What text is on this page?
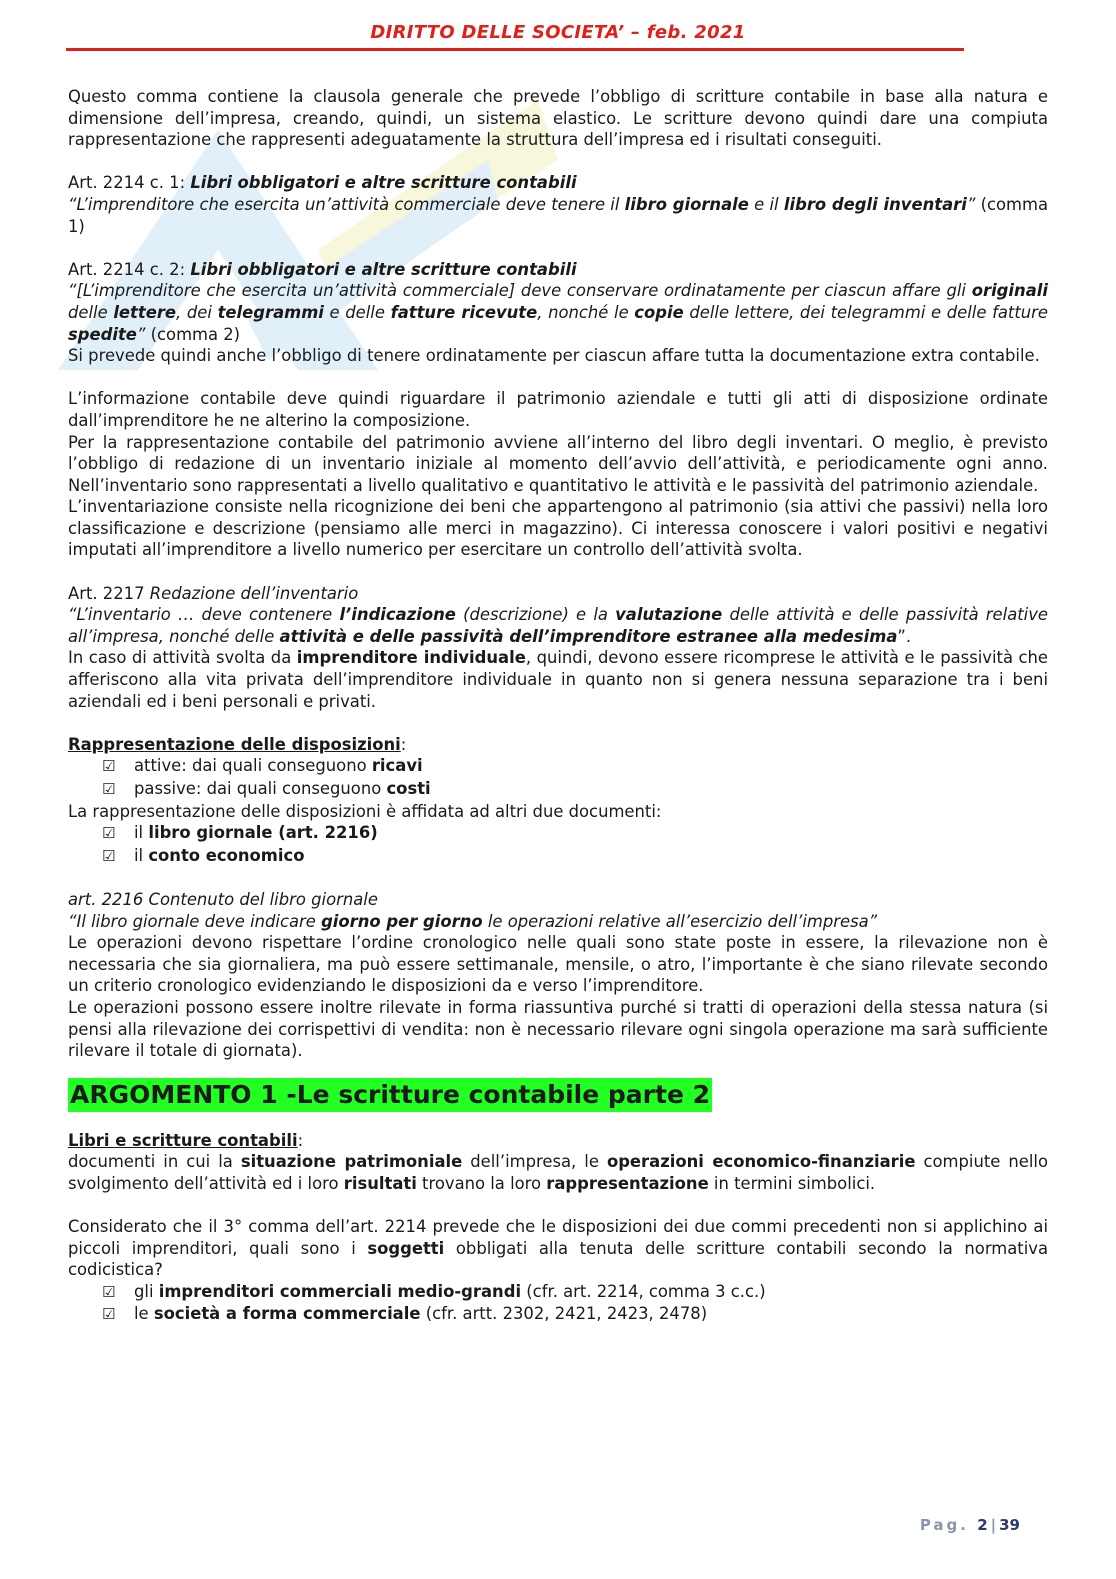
DIRITTO DELLE SOCIETA’ – feb. 2021

Questo comma contiene la clausola generale che prevede l’obbligo di scritture contabile in base alla natura e dimensione dell’impresa, creando, quindi, un sistema elastico. Le scritture devono quindi dare una compiuta rappresentazione che rappresenti adeguatamente la struttura dell’impresa ed i risultati conseguiti.

Art. 2214 c. 1: Libri obbligatori e altre scritture contabili

“L’imprenditore che esercita un’attività commerciale deve tenere il libro giornale e il libro degli inventari” (comma 1)

Art. 2214 c. 2: Libri obbligatori e altre scritture contabili

“[L’imprenditore che esercita un’attività commerciale] deve conservare ordinatamente per ciascun affare gli originali delle lettere, dei telegrammi e delle fatture ricevute, nonché le copie delle lettere, dei telegrammi e delle fatture spedite” (comma 2)

Si prevede quindi anche l’obbligo di tenere ordinatamente per ciascun affare tutta la documentazione extra contabile.

L’informazione contabile deve quindi riguardare il patrimonio aziendale e tutti gli atti di disposizione ordinate dall’imprenditore he ne alterino la composizione.

Per la rappresentazione contabile del patrimonio avviene all’interno del libro degli inventari. O meglio, è previsto l’obbligo di redazione di un inventario iniziale al momento dell’avvio dell’attività, e periodicamente ogni anno. Nell’inventario sono rappresentati a livello qualitativo e quantitativo le attività e le passività del patrimonio aziendale.

L’inventariazione consiste nella ricognizione dei beni che appartengono al patrimonio (sia attivi che passivi) nella loro classificazione e descrizione (pensiamo alle merci in magazzino). Ci interessa conoscere i valori positivi e negativi imputati all’imprenditore a livello numerico per esercitare un controllo dell’attività svolta.

Art. 2217 Redazione dell’inventario

“L’inventario … deve contenere l’indicazione (descrizione) e la valutazione delle attività e delle passività relative all’impresa, nonché delle attività e delle passività dell’imprenditore estranee alla medesima”.

In caso di attività svolta da imprenditore individuale, quindi, devono essere ricomprese le attività e le passività che afferiscono alla vita privata dell’imprenditore individuale in quanto non si genera nessuna separazione tra i beni aziendali ed i beni personali e privati.

Rappresentazione delle disposizioni:

☑	attive: dai quali conseguono ricavi
☑	passive: dai quali conseguono costi

La rappresentazione delle disposizioni è affidata ad altri due documenti:

☑	il libro giornale (art. 2216)
☑	il conto economico

art. 2216 Contenuto del libro giornale

“Il libro giornale deve indicare giorno per giorno le operazioni relative all’esercizio dell’impresa”

Le operazioni devono rispettare l’ordine cronologico nelle quali sono state poste in essere, la rilevazione non è necessaria che sia giornaliera, ma può essere settimanale, mensile, o atro, l’importante è che siano rilevate secondo un criterio cronologico evidenziando le disposizioni da e verso l’imprenditore.

Le operazioni possono essere inoltre rilevate in forma riassuntiva purché si tratti di operazioni della stessa natura (si pensi alla rilevazione dei corrispettivi di vendita: non è necessario rilevare ogni singola operazione ma sarà sufficiente rilevare il totale di giornata).

ARGOMENTO 1 -Le scritture contabile parte 2

Libri e scritture contabili:

documenti in cui la situazione patrimoniale dell’impresa, le operazioni economico-finanziarie compiute nello svolgimento dell’attività ed i loro risultati trovano la loro rappresentazione in termini simbolici.

Considerato che il 3° comma dell’art. 2214 prevede che le disposizioni dei due commi precedenti non si applichino ai piccoli imprenditori, quali sono i soggetti obbligati alla tenuta delle scritture contabili secondo la normativa codicistica?

☑	gli imprenditori commerciali medio-grandi (cfr. art. 2214, comma 3 c.c.)
☑	le società a forma commerciale (cfr. artt. 2302, 2421, 2423, 2478)
Pag. 2 | 39
